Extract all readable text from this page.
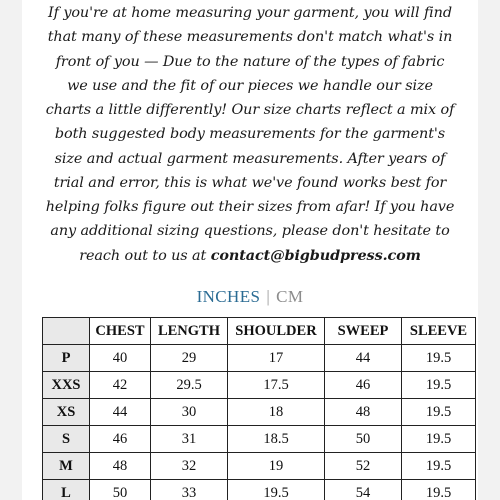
If you're at home measuring your garment, you will find
that many of these measurements don't match what's in
front of you — Due to the nature of the types of fabric
we use and the fit of our pieces we handle our size
charts a little differently! Our size charts reflect a mix of
both suggested body measurements for the garment's
size and actual garment measurements. After years of
trial and error, this is what we've found works best for
helping folks figure out their sizes from afar! If you have
any additional sizing questions, please don't hesitate to
reach out to us at contact@bigbudpress.com

INCHES | CM
	CHEST	LENGTH	SHOULDER	SWEEP	SLEEVE
P	40	29	17	44	19.5
XXS	42	29.5	17.5	46	19.5
XS	44	30	18	48	19.5
S	46	31	18.5	50	19.5
M	48	32	19	52	19.5
L	50	33	19.5	54	19.5
